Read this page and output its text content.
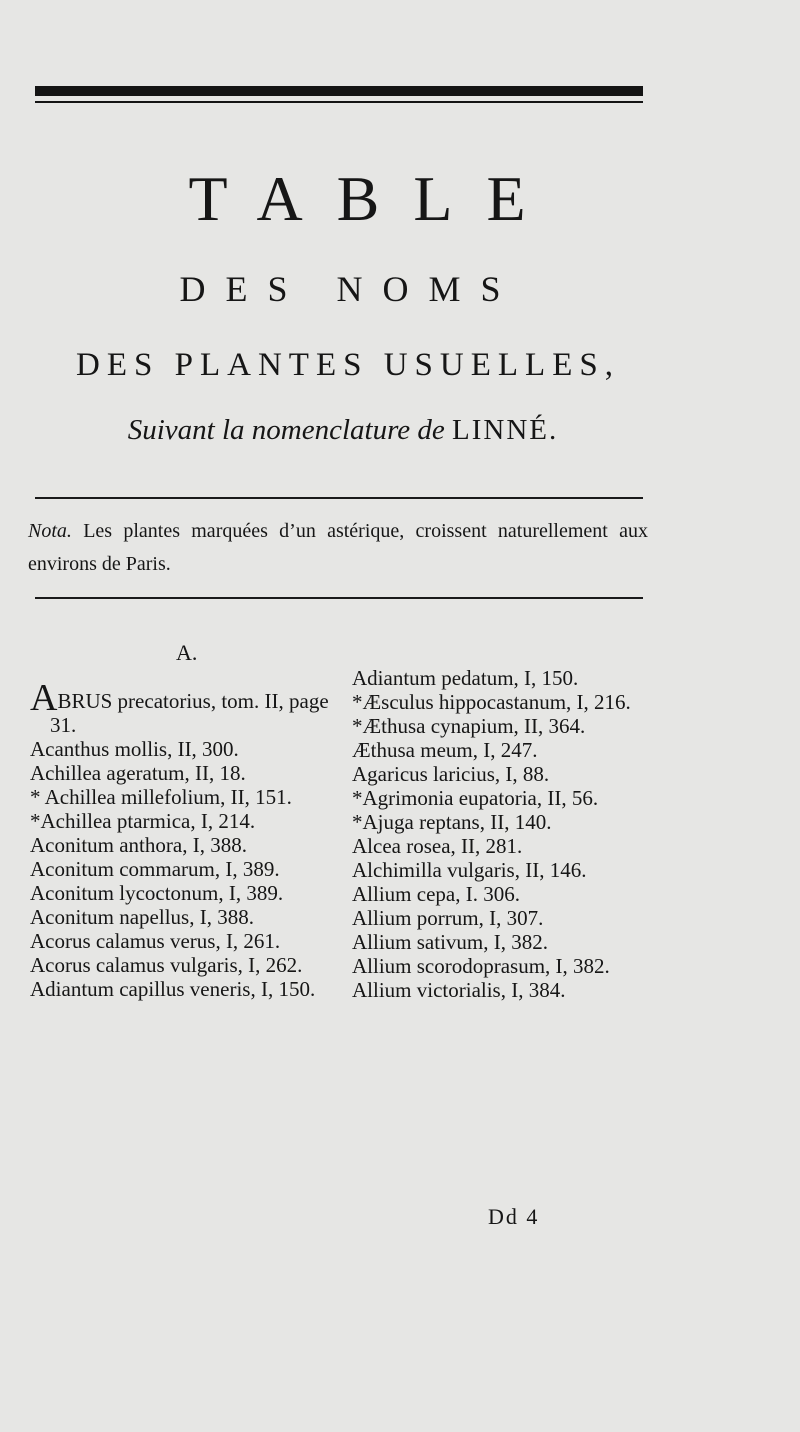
TABLE
DES NOMS
DES PLANTES USUELLES,
Suivant la nomenclature de LINNÉ.
Nota. Les plantes marquées d’un astérique, croissent naturellement aux environs de Paris.
A.

ABRUS precatorius, tom. II, page 31.

Acanthus mollis, II, 300.

Achillea ageratum, II, 18.

* Achillea millefolium, II, 151.

*Achillea ptarmica, I, 214.

Aconitum anthora, I, 388.

Aconitum commarum, I, 389.

Aconitum lycoctonum, I, 389.

Aconitum napellus, I, 388.

Acorus calamus verus, I, 261.

Acorus calamus vulgaris, I, 262.

Adiantum capillus veneris, I, 150.

Adiantum pedatum, I, 150.

*Æsculus hippocastanum, I, 216.

*Æthusa cynapium, II, 364.

Æthusa meum, I, 247.

Agaricus laricius, I, 88.

*Agrimonia eupatoria, II, 56.

*Ajuga reptans, II, 140.

Alcea rosea, II, 281.

Alchimilla vulgaris, II, 146.

Allium cepa, I. 306.

Allium porrum, I, 307.

Allium sativum, I, 382.

Allium scorodoprasum, I, 382.

Allium victorialis, I, 384.

Dd 4
